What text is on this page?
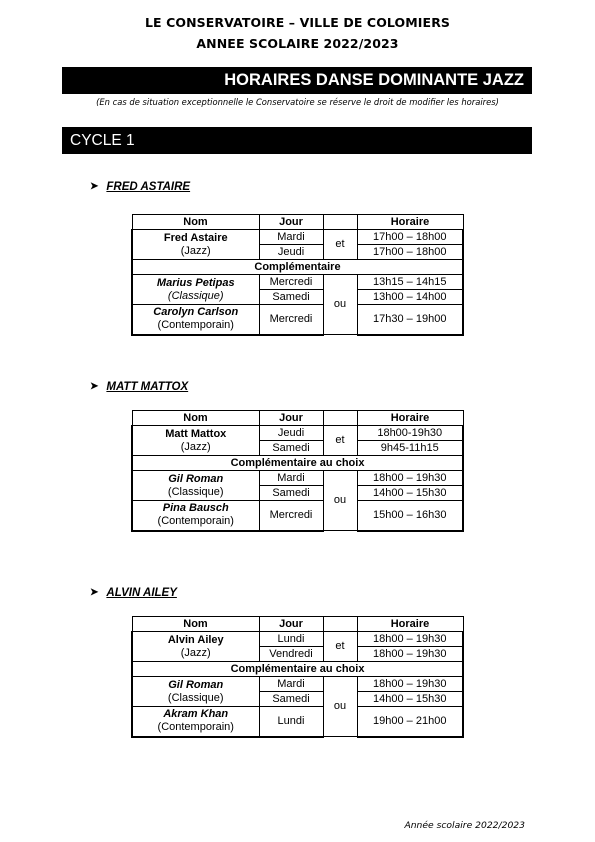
LE CONSERVATOIRE – VILLE DE COLOMIERS
ANNEE SCOLAIRE 2022/2023
HORAIRES DANSE DOMINANTE JAZZ
(En cas de situation exceptionnelle le Conservatoire se réserve le droit de modifier les horaires)
CYCLE 1
➤ FRED ASTAIRE
Nom	Jour		Horaire

Fred Astaire
(Jazz)	Mardi	et	17h00 – 18h00
	Jeudi		17h00 – 18h00
Complémentaire			

Marius Petipas
(Classique)	Mercredi	ou	13h15 – 14h15
	Samedi		13h00 – 14h00

Carolyn Carlson
(Contemporain)	Mercredi		17h30 – 19h00

➤ MATT MATTOX
Nom	Jour		Horaire

Matt Mattox
(Jazz)	Jeudi	et	18h00-19h30
	Samedi		9h45-11h15
Complémentaire au choix			

Gil Roman
(Classique)	Mardi	ou	18h00 – 19h30
	Samedi		14h00 – 15h30

Pina Bausch
(Contemporain)	Mercredi		15h00 – 16h30

➤ ALVIN AILEY
Nom	Jour		Horaire

Alvin Ailey
(Jazz)	Lundi	et	18h00 – 19h30
	Vendredi		18h00 – 19h30
Complémentaire au choix			

Gil Roman
(Classique)	Mardi	ou	18h00 – 19h30
	Samedi		14h00 – 15h30

Akram Khan
(Contemporain)	Lundi		19h00 – 21h00

Année scolaire 2022/2023
